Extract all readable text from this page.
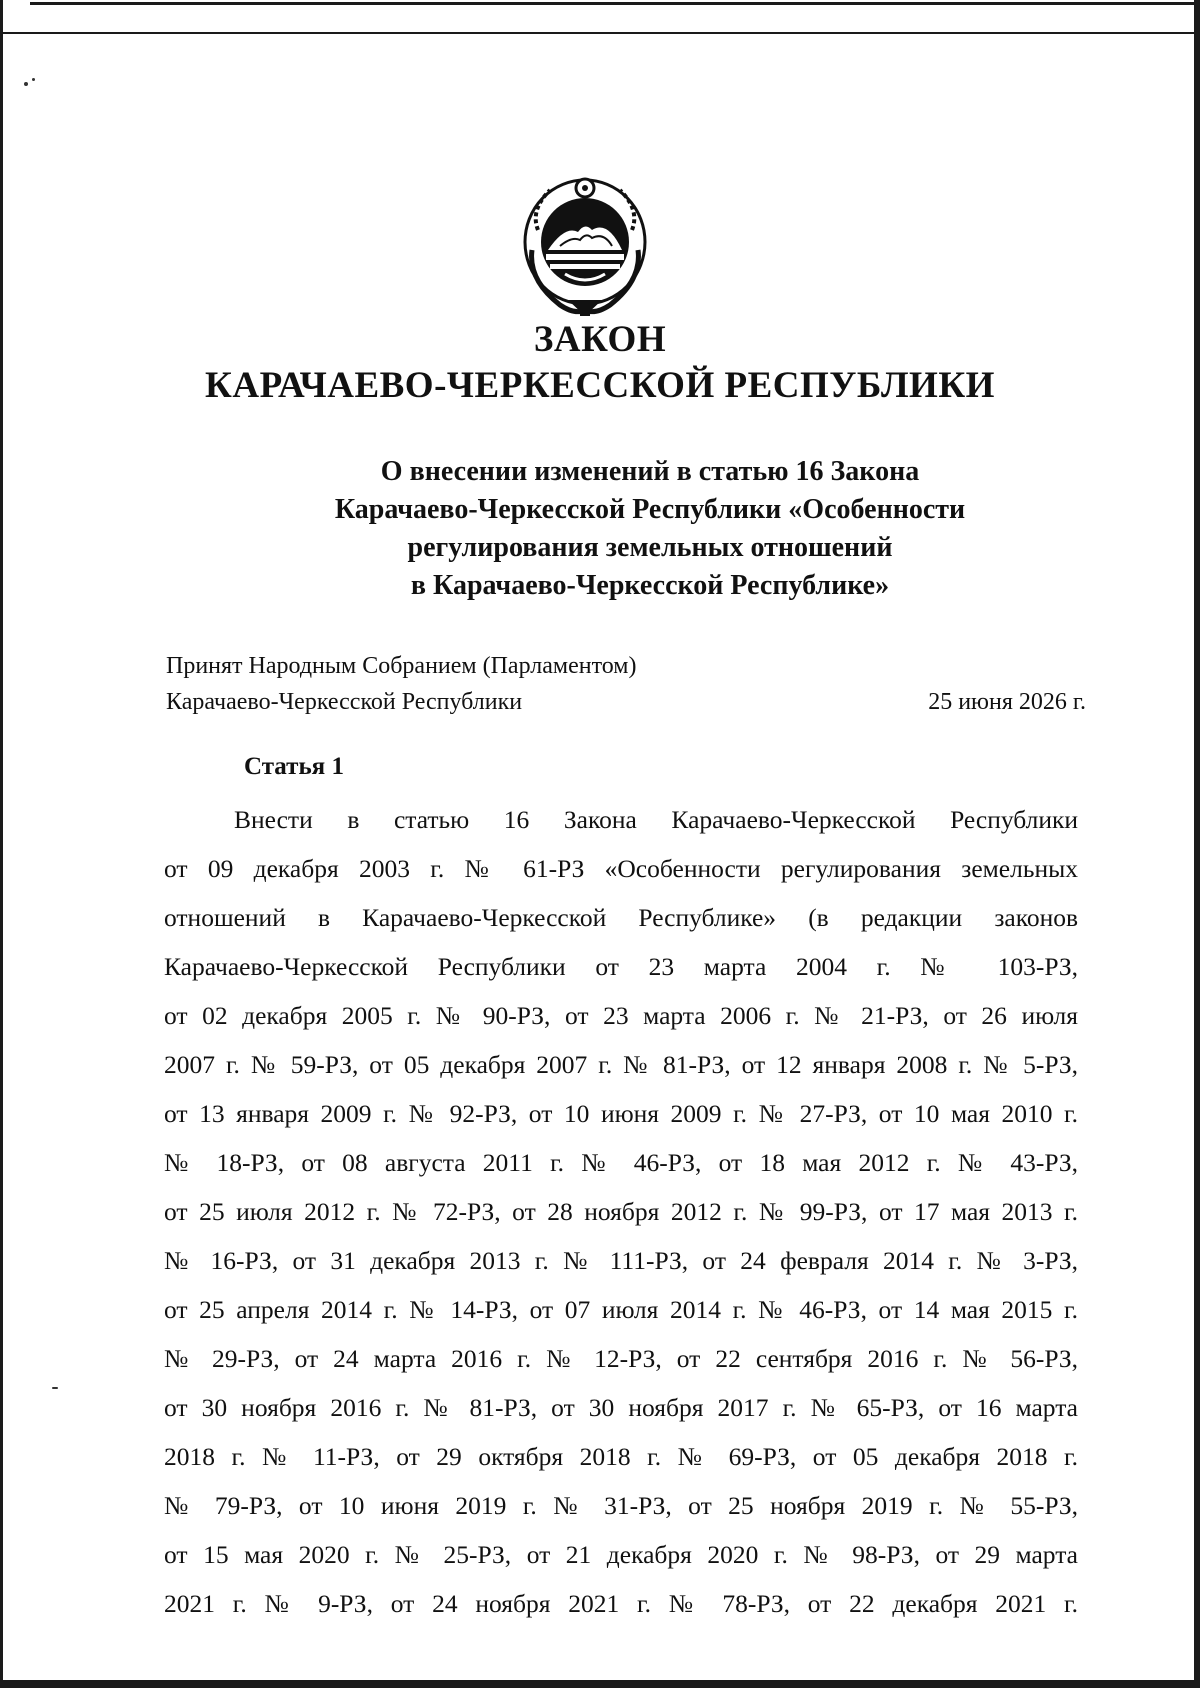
ЗАКОН
КАРАЧАЕВО-ЧЕРКЕССКОЙ РЕСПУБЛИКИ
О внесении изменений в статью 16 Закона
Карачаево-Черкесской Республики «Особенности
регулирования земельных отношений
в Карачаево-Черкесской Республике»
Принят Народным Собранием (Парламентом)
Карачаево-Черкесской Республики	25 июня 2026 г.
Статья 1
Внести в статью 16 Закона Карачаево-Черкесской Республики
от 09 декабря 2003 г. № 61-РЗ «Особенности регулирования земельных
отношений в Карачаево-Черкесской Республике» (в редакции законов
Карачаево-Черкесской Республики от 23 марта 2004 г. № 103-РЗ,
от 02 декабря 2005 г. № 90-РЗ, от 23 марта 2006 г. № 21-РЗ, от 26 июля
2007 г. № 59-РЗ, от 05 декабря 2007 г. № 81-РЗ, от 12 января 2008 г. № 5-РЗ,
от 13 января 2009 г. № 92-РЗ, от 10 июня 2009 г. № 27-РЗ, от 10 мая 2010 г.
№ 18-РЗ, от 08 августа 2011 г. № 46-РЗ, от 18 мая 2012 г. № 43-РЗ,
от 25 июля 2012 г. № 72-РЗ, от 28 ноября 2012 г. № 99-РЗ, от 17 мая 2013 г.
№ 16-РЗ, от 31 декабря 2013 г. № 111-РЗ, от 24 февраля 2014 г. № 3-РЗ,
от 25 апреля 2014 г. № 14-РЗ, от 07 июля 2014 г. № 46-РЗ, от 14 мая 2015 г.
№ 29-РЗ, от 24 марта 2016 г. № 12-РЗ, от 22 сентября 2016 г. № 56-РЗ,
от 30 ноября 2016 г. № 81-РЗ, от 30 ноября 2017 г. № 65-РЗ, от 16 марта
2018 г. № 11-РЗ, от 29 октября 2018 г. № 69-РЗ, от 05 декабря 2018 г.
№ 79-РЗ, от 10 июня 2019 г. № 31-РЗ, от 25 ноября 2019 г. № 55-РЗ,
от 15 мая 2020 г. № 25-РЗ, от 21 декабря 2020 г. № 98-РЗ, от 29 марта
2021 г. № 9-РЗ, от 24 ноября 2021 г. № 78-РЗ, от 22 декабря 2021 г.
